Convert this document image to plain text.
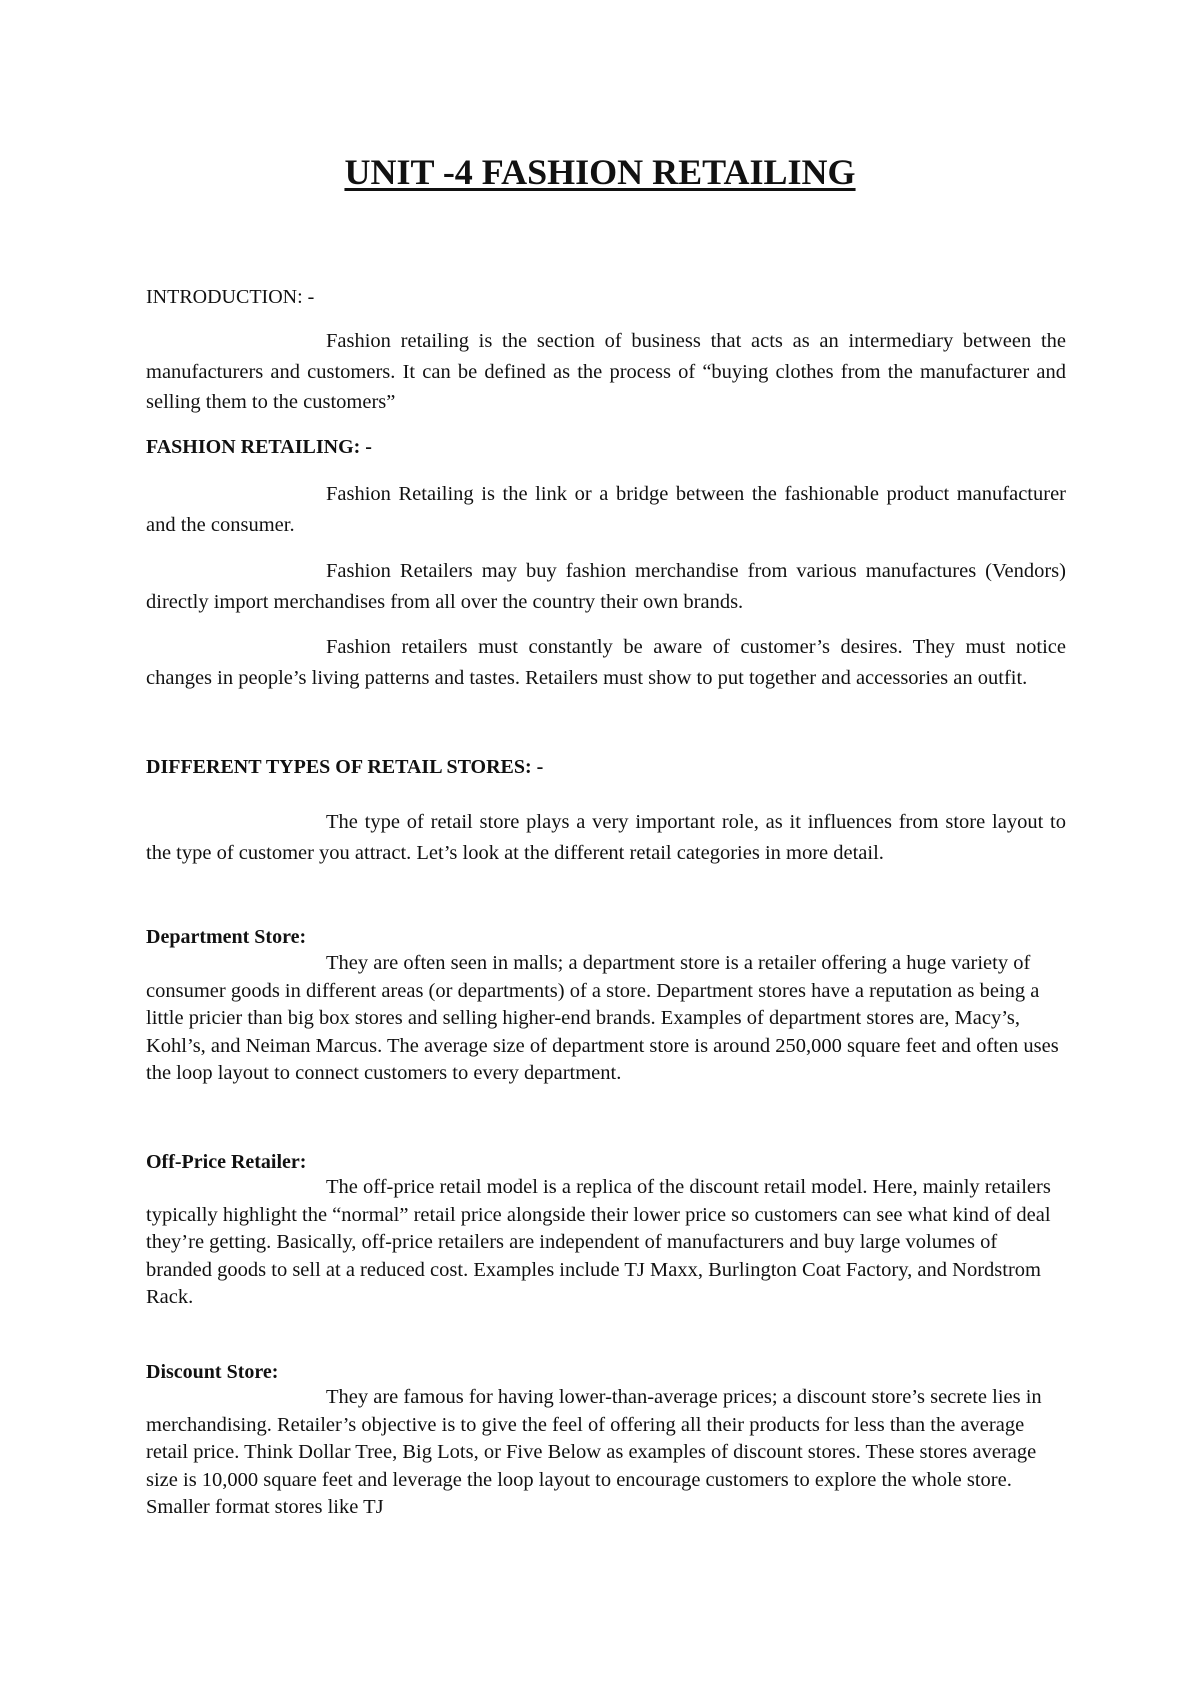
UNIT -4 FASHION RETAILING

INTRODUCTION: -

Fashion retailing is the section of business that acts as an intermediary between the manufacturers and customers. It can be defined as the process of “buying clothes from the manufacturer and selling them to the customers”

FASHION RETAILING: -

Fashion Retailing is the link or a bridge between the fashionable product manufacturer and the consumer.

Fashion Retailers may buy fashion merchandise from various manufactures (Vendors) directly import merchandises from all over the country their own brands.

Fashion retailers must constantly be aware of customer’s desires. They must notice changes in people’s living patterns and tastes. Retailers must show to put together and accessories an outfit.

DIFFERENT TYPES OF RETAIL STORES: -

The type of retail store plays a very important role, as it influences from store layout to the type of customer you attract. Let’s look at the different retail categories in more detail.

Department Store:

They are often seen in malls; a department store is a retailer offering a huge variety of consumer goods in different areas (or departments) of a store. Department stores have a reputation as being a little pricier than big box stores and selling higher-end brands. Examples of department stores are, Macy’s, Kohl’s, and Neiman Marcus. The average size of department store is around 250,000 square feet and often uses the loop layout to connect customers to every department.

Off-Price Retailer:

The off-price retail model is a replica of the discount retail model. Here, mainly retailers typically highlight the “normal” retail price alongside their lower price so customers can see what kind of deal they’re getting. Basically, off-price retailers are independent of manufacturers and buy large volumes of branded goods to sell at a reduced cost. Examples include TJ Maxx, Burlington Coat Factory, and Nordstrom Rack.

Discount Store:

They are famous for having lower-than-average prices; a discount store’s secrete lies in merchandising. Retailer’s objective is to give the feel of offering all their products for less than the average retail price. Think Dollar Tree, Big Lots, or Five Below as examples of discount stores. These stores average size is 10,000 square feet and leverage the loop layout to encourage customers to explore the whole store. Smaller format stores like TJ
